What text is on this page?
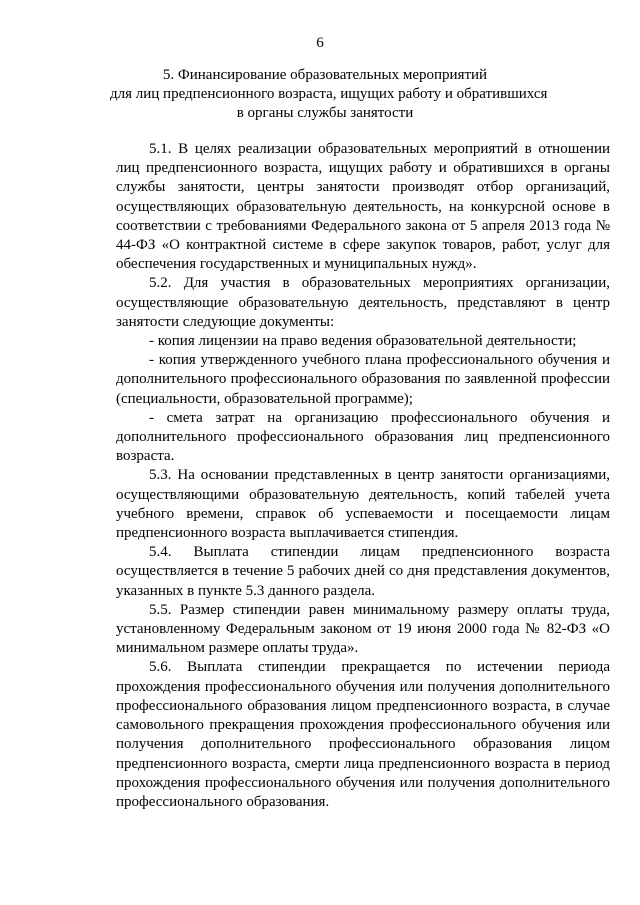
6
5. Финансирование образовательных мероприятий
для лиц предпенсионного возраста, ищущих работу и обратившихся
в органы службы занятости

5.1. В целях реализации образовательных мероприятий в отношении лиц предпенсионного возраста, ищущих работу и обратившихся в органы службы занятости, центры занятости производят отбор организаций, осуществляющих образовательную деятельность, на конкурсной основе в соответствии с требованиями Федерального закона от 5 апреля 2013 года № 44-ФЗ «О контрактной системе в сфере закупок товаров, работ, услуг для обеспечения государственных и муниципальных нужд».

5.2. Для участия в образовательных мероприятиях организации, осуществляющие образовательную деятельность, представляют в центр занятости следующие документы:

- копия лицензии на право ведения образовательной деятельности;

- копия утвержденного учебного плана профессионального обучения и дополнительного профессионального образования по заявленной профессии (специальности, образовательной программе);

- смета затрат на организацию профессионального обучения и дополнительного профессионального образования лиц предпенсионного возраста.

5.3. На основании представленных в центр занятости организациями, осуществляющими образовательную деятельность, копий табелей учета учебного времени, справок об успеваемости и посещаемости лицам предпенсионного возраста выплачивается стипендия.

5.4. Выплата стипендии лицам предпенсионного возраста осуществляется в течение 5 рабочих дней со дня представления документов, указанных в пункте 5.3 данного раздела.

5.5. Размер стипендии равен минимальному размеру оплаты труда, установленному Федеральным законом от 19 июня 2000 года № 82-ФЗ «О минимальном размере оплаты труда».

5.6. Выплата стипендии прекращается по истечении периода прохождения профессионального обучения или получения дополнительного профессионального образования лицом предпенсионного возраста, в случае самовольного прекращения прохождения профессионального обучения или получения дополнительного профессионального образования лицом предпенсионного возраста, смерти лица предпенсионного возраста в период прохождения профессионального обучения или получения дополнительного профессионального образования.
